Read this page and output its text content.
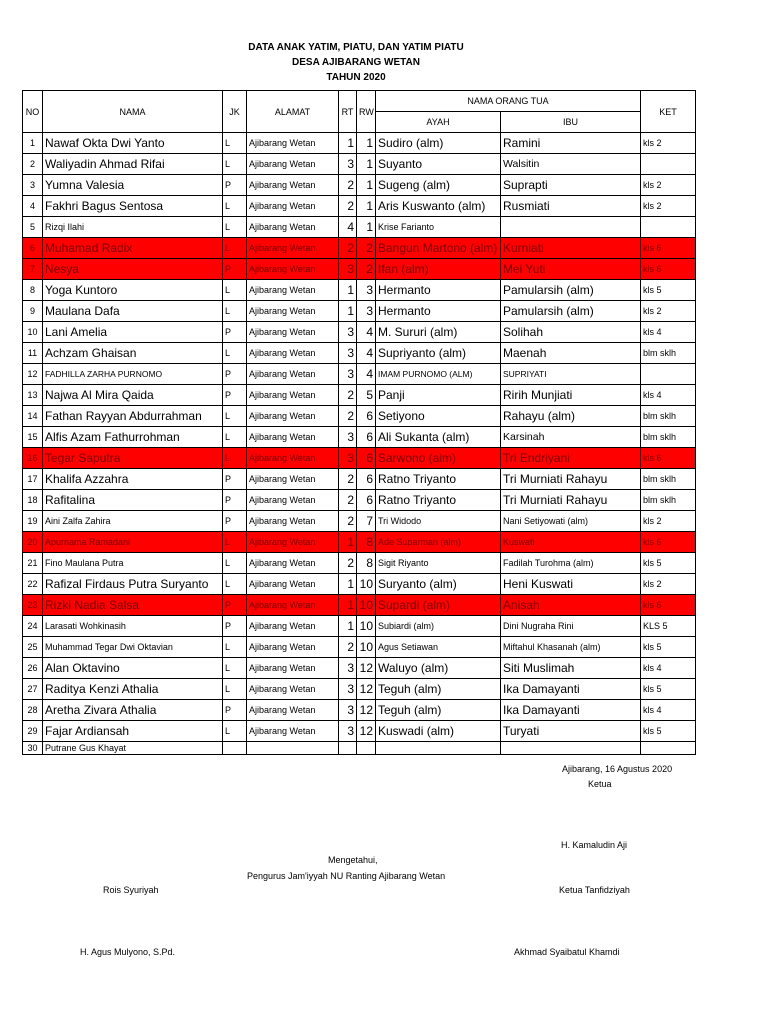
DATA ANAK YATIM, PIATU, DAN YATIM PIATU
DESA AJIBARANG WETAN
TAHUN 2020
NO	NAMA	JK	ALAMAT	RT	RW	NAMA ORANG TUA		KET
						AYAH	IBU	
1	Nawaf Okta Dwi Yanto	L	Ajibarang Wetan	1	1	Sudiro (alm)	Ramini	kls 2
2	Waliyadin Ahmad Rifai	L	Ajibarang Wetan	3	1	Suyanto	Walsitin	
3	Yumna Valesia	P	Ajibarang Wetan	2	1	Sugeng (alm)	Suprapti	kls 2
4	Fakhri Bagus Sentosa	L	Ajibarang Wetan	2	1	Aris Kuswanto (alm)	Rusmiati	kls 2
5	Rizqi Ilahi	L	Ajibarang Wetan	4	1	Krise Farianto		
6	Muhamad Radix	L	Ajibarang Wetan	2	2	Bangun Martono (alm)	Kurniati	kls 6
7	Nesya	P	Ajibarang Wetan	3	2	Ifan (alm)	Mei Yuti	kls 6
8	Yoga Kuntoro	L	Ajibarang Wetan	1	3	Hermanto	Pamularsih (alm)	kls 5
9	Maulana Dafa	L	Ajibarang Wetan	1	3	Hermanto	Pamularsih (alm)	kls 2
10	Lani Amelia	P	Ajibarang Wetan	3	4	M. Sururi (alm)	Solihah	kls 4
11	Achzam Ghaisan	L	Ajibarang Wetan	3	4	Supriyanto (alm)	Maenah	blm sklh
12	FADHILLA ZARHA PURNOMO	P	Ajibarang Wetan	3	4	IMAM PURNOMO (ALM)	SUPRIYATI	
13	Najwa Al Mira Qaida	P	Ajibarang Wetan	2	5	Panji	Ririh Munjiati	kls 4
14	Fathan Rayyan Abdurrahman	L	Ajibarang Wetan	2	6	Setiyono	Rahayu (alm)	blm sklh
15	Alfis Azam Fathurrohman	L	Ajibarang Wetan	3	6	Ali Sukanta (alm)	Karsinah	blm sklh
16	Tegar Saputra	L	Ajibarang Wetan	3	6	Sarwono (alm)	Tri Endriyani	kls 6
17	Khalifa Azzahra	P	Ajibarang Wetan	2	6	Ratno Triyanto	Tri Murniati Rahayu	blm sklh
18	Rafitalina	P	Ajibarang Wetan	2	6	Ratno Triyanto	Tri Murniati Rahayu	blm sklh
19	Aini Zalfa Zahira	P	Ajibarang Wetan	2	7	Tri Widodo	Nani Setiyowati (alm)	kls 2
20	Apurnama Ramadani	L	Ajibarang Wetan	1	8	Ade Suparman (alm)	Kuswati	kls 6
21	Fino Maulana Putra	L	Ajibarang Wetan	2	8	Sigit Riyanto	Fadilah Turohma (alm)	kls 5
22	Rafizal Firdaus Putra Suryanto	L	Ajibarang Wetan	1	10	Suryanto (alm)	Heni Kuswati	kls 2
23	Rizki Nadia Salsa	P	Ajibarang Wetan	1	10	Supardi (alm)	Anisah	kls 6
24	Larasati Wohkinasih	P	Ajibarang Wetan	1	10	Subiardi (alm)	Dini Nugraha Rini	KLS 5
25	Muhammad Tegar Dwi Oktavian	L	Ajibarang Wetan	2	10	Agus Setiawan	Miftahul Khasanah (alm)	kls 5
26	Alan Oktavino	L	Ajibarang Wetan	3	12	Waluyo (alm)	Siti Muslimah	kls 4
27	Raditya Kenzi Athalia	L	Ajibarang Wetan	3	12	Teguh (alm)	Ika Damayanti	kls 5
28	Aretha Zivara Athalia	P	Ajibarang Wetan	3	12	Teguh (alm)	Ika Damayanti	kls 4
29	Fajar Ardiansah	L	Ajibarang Wetan	3	12	Kuswadi (alm)	Turyati	kls 5
30	Putrane Gus Khayat							
Ajibarang, 16 Agustus 2020
Ketua
H. Kamaludin Aji
Mengetahui,
Pengurus Jam'iyyah NU Ranting Ajibarang Wetan
Rois Syuriyah	Ketua Tanfidziyah
H. Agus Mulyono, S.Pd.	Akhmad Syaibatul Khamdi
